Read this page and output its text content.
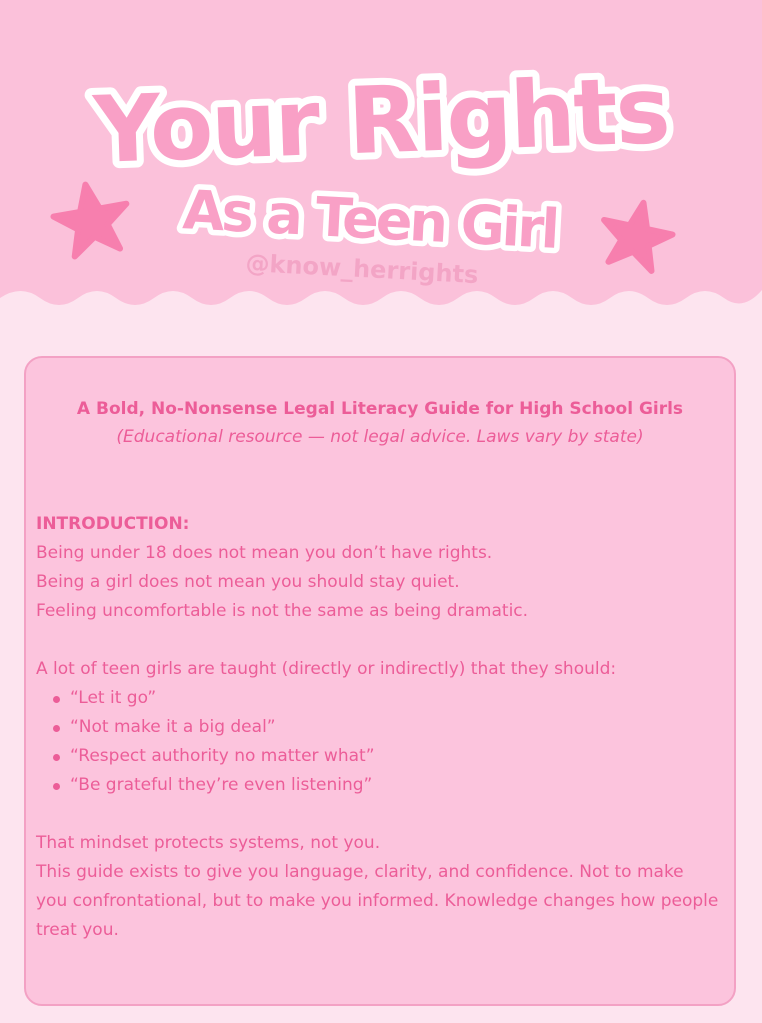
Your Rights
As a Teen Girl
@know_herrights

A Bold, No-Nonsense Legal Literacy Guide for High School Girls

(Educational resource — not legal advice. Laws vary by state)

INTRODUCTION:

Being under 18 does not mean you don’t have rights.

Being a girl does not mean you should stay quiet.

Feeling uncomfortable is not the same as being dramatic.

A lot of teen girls are taught (directly or indirectly) that they should:

“Let it go”
“Not make it a big deal”
“Respect authority no matter what”
“Be grateful they’re even listening”

That mindset protects systems, not you.

This guide exists to give you language, clarity, and confidence. Not to make you confrontational, but to make you informed. Knowledge changes how people treat you.
